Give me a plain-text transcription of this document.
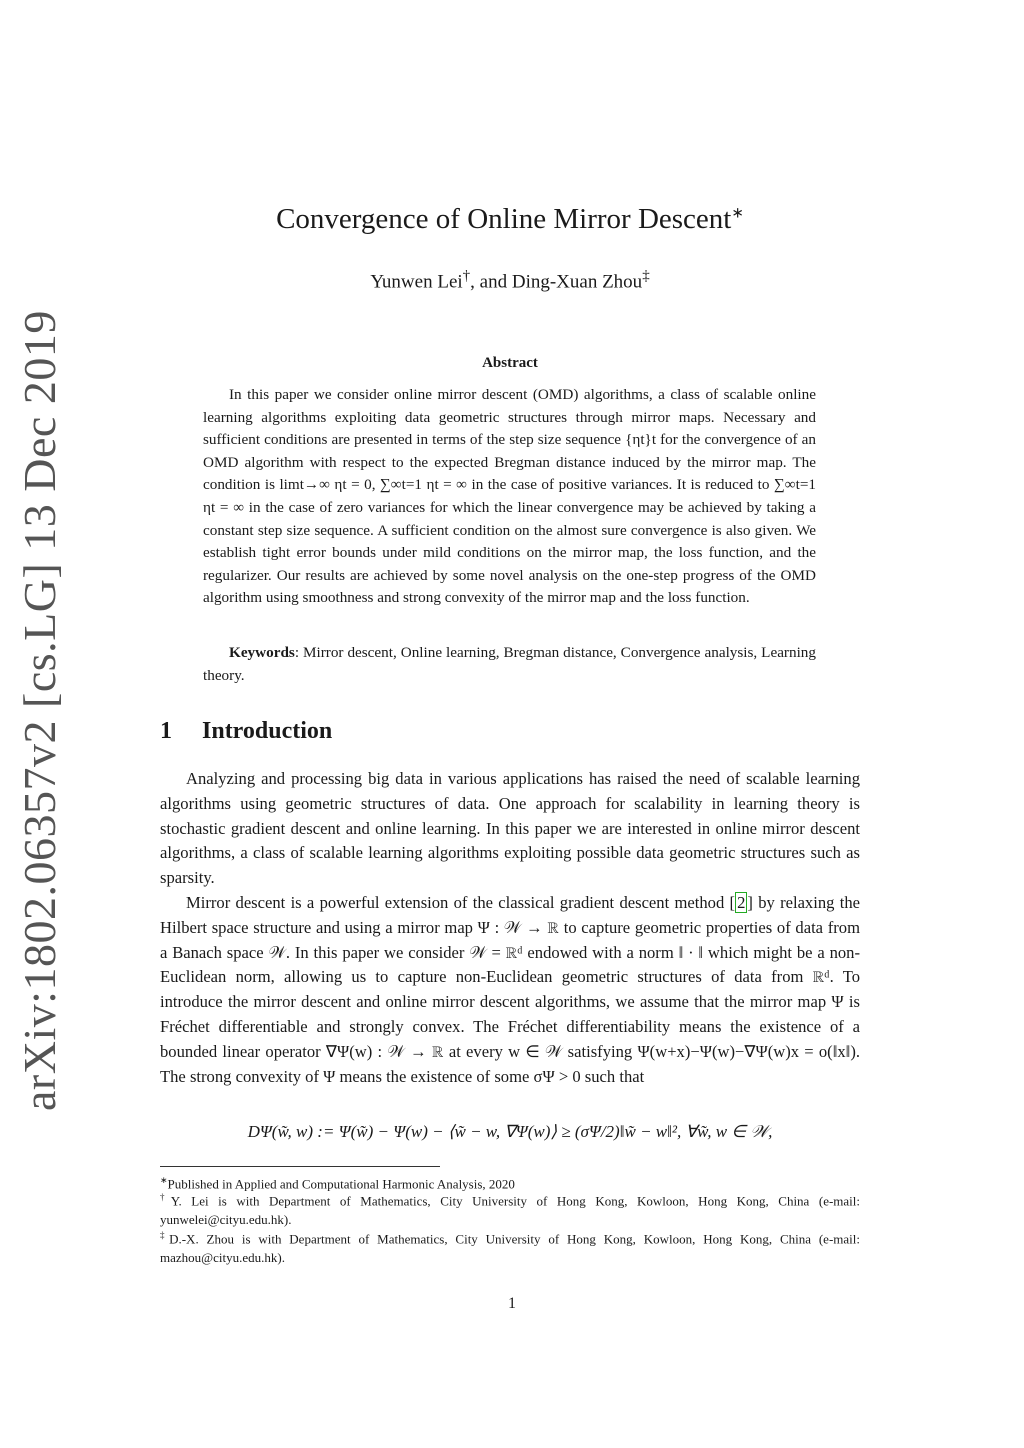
arXiv:1802.06357v2 [cs.LG] 13 Dec 2019
Convergence of Online Mirror Descent∗
Yunwen Lei†, and Ding-Xuan Zhou‡
Abstract

In this paper we consider online mirror descent (OMD) algorithms, a class of scalable online learning algorithms exploiting data geometric structures through mirror maps. Necessary and sufficient conditions are presented in terms of the step size sequence {ηt}t for the convergence of an OMD algorithm with respect to the expected Bregman distance induced by the mirror map. The condition is limt→∞ ηt = 0, ∑∞t=1 ηt = ∞ in the case of positive variances. It is reduced to ∑∞t=1 ηt = ∞ in the case of zero variances for which the linear convergence may be achieved by taking a constant step size sequence. A sufficient condition on the almost sure convergence is also given. We establish tight error bounds under mild conditions on the mirror map, the loss function, and the regularizer. Our results are achieved by some novel analysis on the one-step progress of the OMD algorithm using smoothness and strong convexity of the mirror map and the loss function.

Keywords: Mirror descent, Online learning, Bregman distance, Convergence analysis, Learning theory.
1 Introduction

Analyzing and processing big data in various applications has raised the need of scalable learning algorithms using geometric structures of data. One approach for scalability in learning theory is stochastic gradient descent and online learning. In this paper we are interested in online mirror descent algorithms, a class of scalable learning algorithms exploiting possible data geometric structures such as sparsity.

Mirror descent is a powerful extension of the classical gradient descent method [ 2 ] by relaxing the Hilbert space structure and using a mirror map Ψ : 𝒲 → ℝ to capture geometric properties of data from a Banach space 𝒲. In this paper we consider 𝒲 = ℝᵈ endowed with a norm ‖ · ‖ which might be a non-Euclidean norm, allowing us to capture non-Euclidean geometric structures of data from ℝᵈ. To introduce the mirror descent and online mirror descent algorithms, we assume that the mirror map Ψ is Fréchet differentiable and strongly convex. The Fréchet differentiability means the existence of a bounded linear operator ∇Ψ(w) : 𝒲 → ℝ at every w ∈ 𝒲 satisfying Ψ(w+x)−Ψ(w)−∇Ψ(w)x = o(‖x‖). The strong convexity of Ψ means the existence of some σΨ > 0 such that

DΨ(w̃, w) := Ψ(w̃) − Ψ(w) − ⟨w̃ − w, ∇Ψ(w)⟩ ≥ (σΨ/2)‖w̃ − w‖², ∀w̃, w ∈ 𝒲,
∗Published in Applied and Computational Harmonic Analysis, 2020
†Y. Lei is with Department of Mathematics, City University of Hong Kong, Kowloon, Hong Kong, China (e-mail: yunwelei@cityu.edu.hk).
‡D.-X. Zhou is with Department of Mathematics, City University of Hong Kong, Kowloon, Hong Kong, China (e-mail: mazhou@cityu.edu.hk).
1
